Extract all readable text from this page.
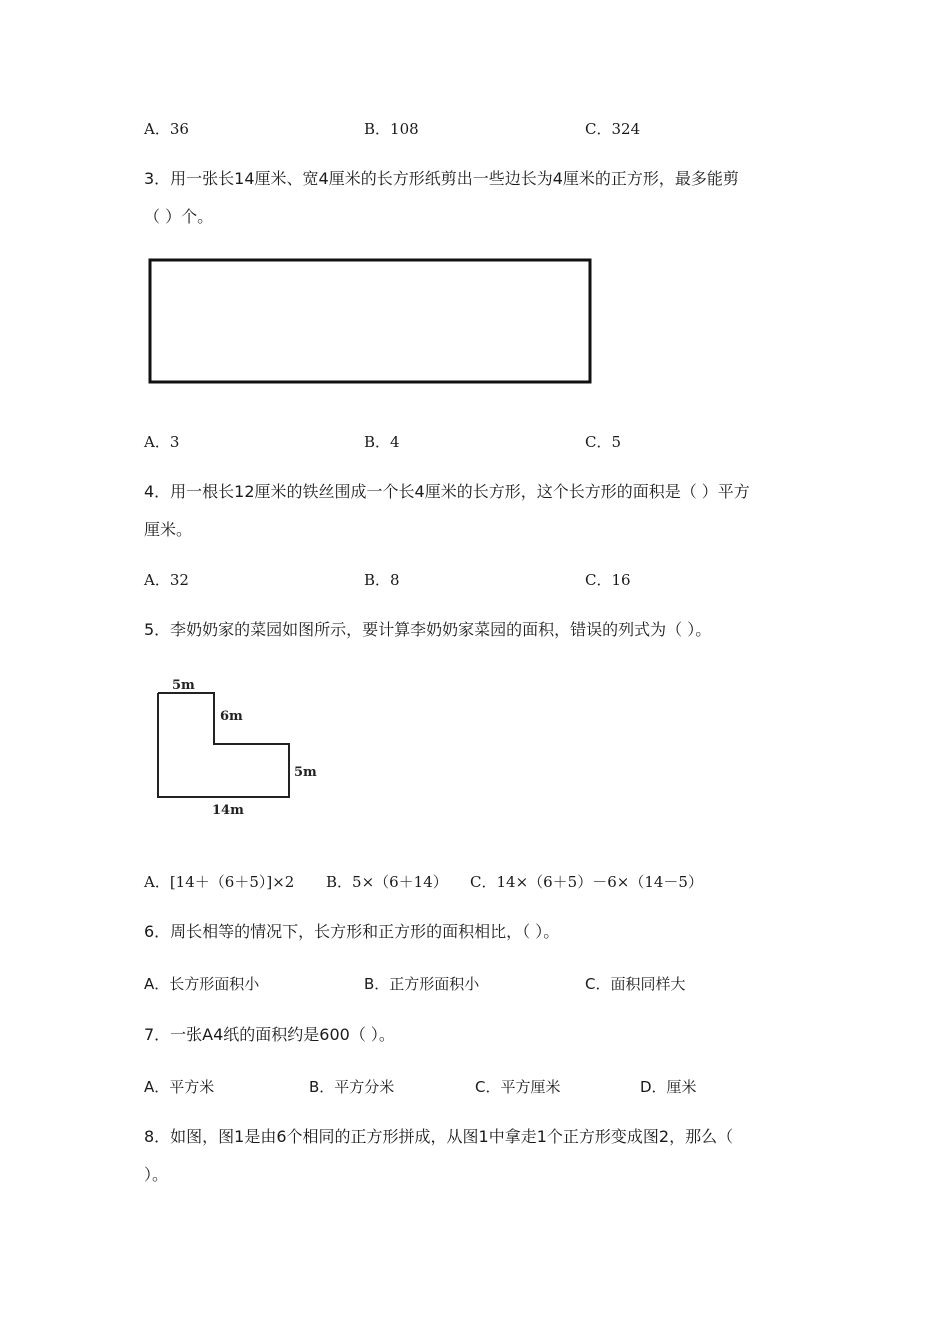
A．36	B．108	C．324
3．用一张长14厘米、宽4厘米的长方形纸剪出一些边长为4厘米的正方形，最多能剪
（ ）个。
A．3	B．4	C．5
4．用一根长12厘米的铁丝围成一个长4厘米的长方形，这个长方形的面积是（ ）平方
厘米。
A．32	B．8	C．16
5．李奶奶家的菜园如图所示，要计算李奶奶家菜园的面积，错误的列式为（ ）。
5m
6m
5m
14m
A．[14＋（6＋5）]×2 B．5×（6＋14） C．14×（6＋5）－6×（14－5）
6．周长相等的情况下，长方形和正方形的面积相比，（ ）。
A．长方形面积小	B．正方形面积小	C．面积同样大
7．一张A4纸的面积约是600（ ）。
A．平方米	B．平方分米	C．平方厘米	D．厘米
8．如图，图1是由6个相同的正方形拼成，从图1中拿走1个正方形变成图2，那么（
）。
